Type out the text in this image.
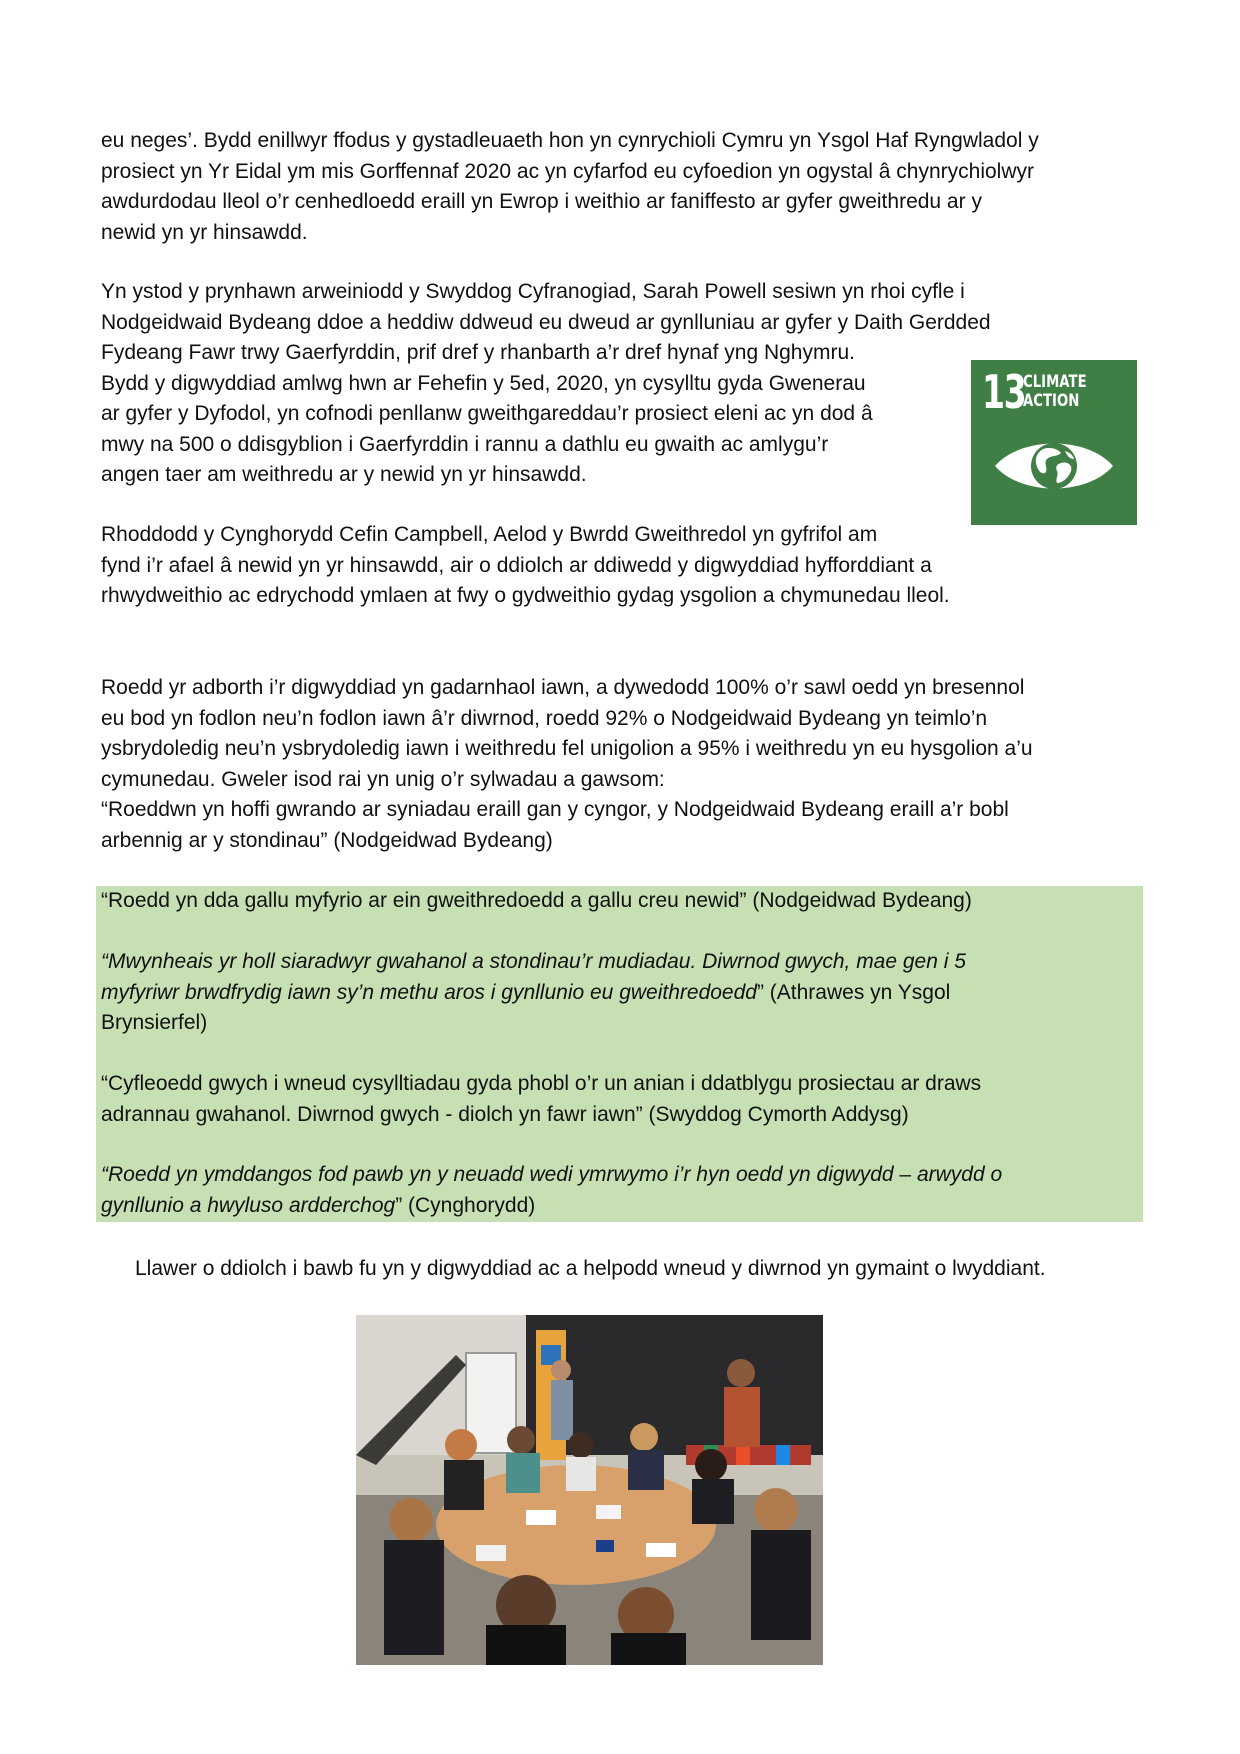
eu neges’. Bydd enillwyr ffodus y gystadleuaeth hon yn cynrychioli Cymru yn Ysgol Haf Ryngwladol y
prosiect yn Yr Eidal ym mis Gorffennaf 2020 ac yn cyfarfod eu cyfoedion yn ogystal â chynrychiolwyr
awdurdodau lleol o’r cenhedloedd eraill yn Ewrop i weithio ar faniffesto ar gyfer gweithredu ar y
newid yn yr hinsawdd.

Yn ystod y prynhawn arweiniodd y Swyddog Cyfranogiad, Sarah Powell sesiwn yn rhoi cyfle i
Nodgeidwaid Bydeang ddoe a heddiw ddweud eu dweud ar gynlluniau ar gyfer y Daith Gerdded
Fydeang Fawr trwy Gaerfyrddin, prif dref y rhanbarth a’r dref hynaf yng Nghymru.
Bydd y digwyddiad amlwg hwn ar Fehefin y 5ed, 2020, yn cysylltu gyda Gwenerau
ar gyfer y Dyfodol, yn cofnodi penllanw gweithgareddau’r prosiect eleni ac yn dod â
mwy na 500 o ddisgyblion i Gaerfyrddin i rannu a dathlu eu gwaith ac amlygu’r
angen taer am weithredu ar y newid yn yr hinsawdd.

13
CLIMATE
ACTION

Rhoddodd y Cynghorydd Cefin Campbell, Aelod y Bwrdd Gweithredol yn gyfrifol am
fynd i’r afael â newid yn yr hinsawdd, air o ddiolch ar ddiwedd y digwyddiad hyfforddiant a
rhwydweithio ac edrychodd ymlaen at fwy o gydweithio gydag ysgolion a chymunedau lleol.

Roedd yr adborth i’r digwyddiad yn gadarnhaol iawn, a dywedodd 100% o’r sawl oedd yn bresennol
eu bod yn fodlon neu’n fodlon iawn â’r diwrnod, roedd 92% o Nodgeidwaid Bydeang yn teimlo’n
ysbrydoledig neu’n ysbrydoledig iawn i weithredu fel unigolion a 95% i weithredu yn eu hysgolion a’u
cymunedau. Gweler isod rai yn unig o’r sylwadau a gawsom:
“Roeddwn yn hoffi gwrando ar syniadau eraill gan y cyngor, y Nodgeidwaid Bydeang eraill a’r bobl
arbennig ar y stondinau” (Nodgeidwad Bydeang)

“Roedd yn dda gallu myfyrio ar ein gweithredoedd a gallu creu newid” (Nodgeidwad Bydeang)

“Mwynheais yr holl siaradwyr gwahanol a stondinau’r mudiadau. Diwrnod gwych, mae gen i 5
myfyriwr brwdfrydig iawn sy’n methu aros i gynllunio eu gweithredoedd” (Athrawes yn Ysgol
Brynsierfel)

“Cyfleoedd gwych i wneud cysylltiadau gyda phobl o’r un anian i ddatblygu prosiectau ar draws
adrannau gwahanol. Diwrnod gwych - diolch yn fawr iawn” (Swyddog Cymorth Addysg)

“Roedd yn ymddangos fod pawb yn y neuadd wedi ymrwymo i’r hyn oedd yn digwydd – arwydd o
gynllunio a hwyluso ardderchog” (Cynghorydd)

Llawer o ddiolch i bawb fu yn y digwyddiad ac a helpodd wneud y diwrnod yn gymaint o lwyddiant.
